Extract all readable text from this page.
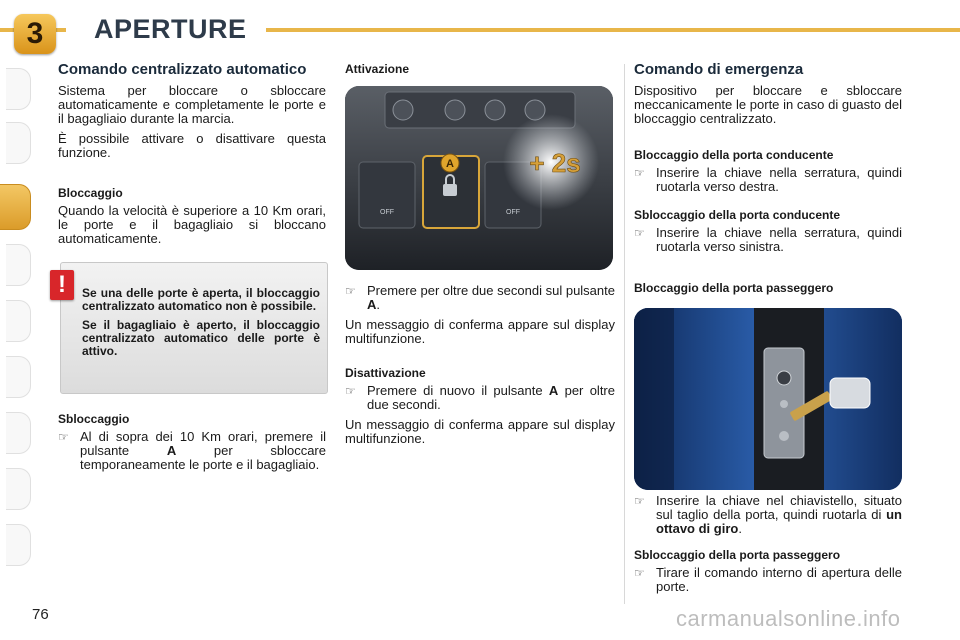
3	APERTURE
Comando centralizzato automatico

Sistema per bloccare o sbloccare automaticamente e completamente le porte e il bagagliaio durante la marcia.

È possibile attivare o disattivare questa funzione.

Bloccaggio

Quando la velocità è superiore a 10 Km orari, le porte e il bagagliaio si bloccano automaticamente.

!	Se una delle porte è aperta, il bloccaggio centralizzato automatico non è possibile.

Se il bagagliaio è aperto, il bloccaggio centralizzato automatico delle porte è attivo.

Sbloccaggio
☞ Al di sopra dei 10 Km orari, premere il pulsante A per sbloccare temporaneamente le porte e il bagagliaio.
Attivazione
A	+ 2s
OFF	OFF
☞ Premere per oltre due secondi sul pulsante A.

Un messaggio di conferma appare sul display multifunzione.

Disattivazione
☞ Premere di nuovo il pulsante A per oltre due secondi.

Un messaggio di conferma appare sul display multifunzione.

Comando di emergenza

Dispositivo per bloccare e sbloccare meccanicamente le porte in caso di guasto del bloccaggio centralizzato.

Bloccaggio della porta conducente
☞ Inserire la chiave nella serratura, quindi ruotarla verso destra.
Sbloccaggio della porta conducente
☞ Inserire la chiave nella serratura, quindi ruotarla verso sinistra.
Bloccaggio della porta passeggero
☞ Inserire la chiave nel chiavistello, situato sul taglio della porta, quindi ruotarla di un ottavo di giro.
Sbloccaggio della porta passeggero
☞ Tirare il comando interno di apertura delle porte.
76	carmanualsonline.info
